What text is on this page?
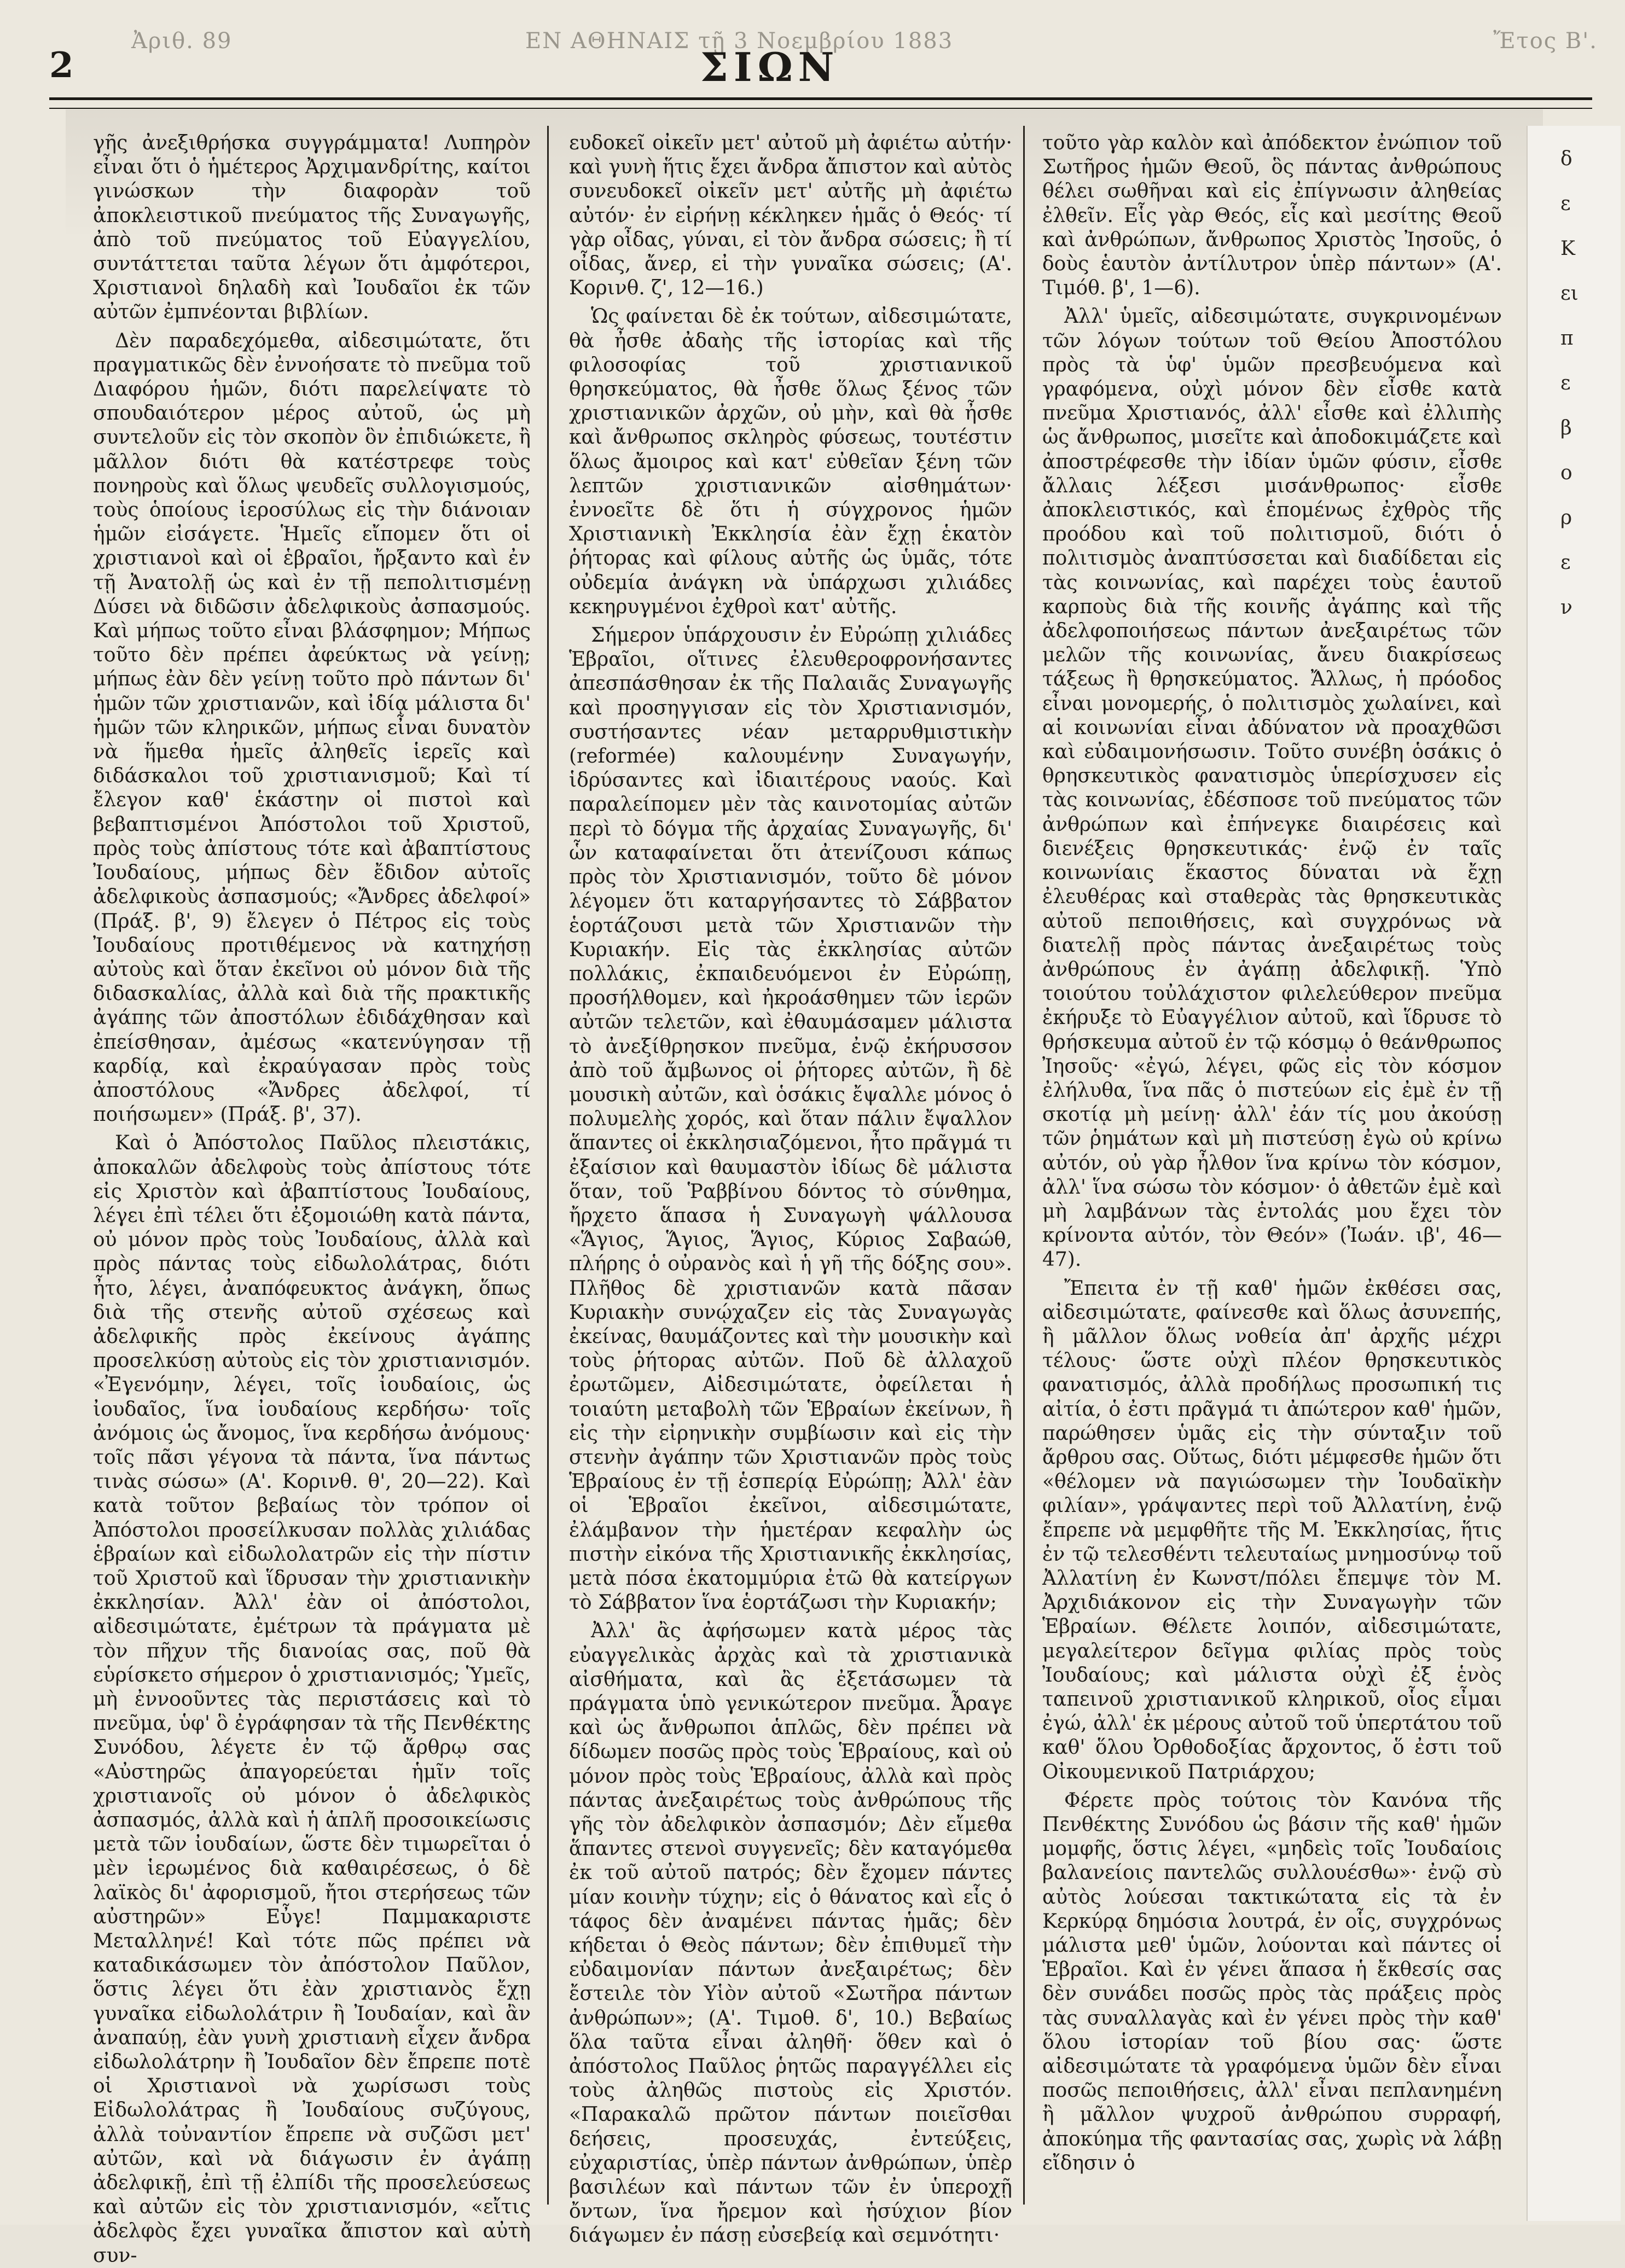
Ἀριθ. 89	ΕΝ ΑΘΗΝΑΙΣ τῇ 3 Νοεμβρίου 1883	Ἔτος Β'.
2	ΣΙΩΝ

γῆς ἀνεξιθρήσκα συγγράμματα! Λυπηρὸν εἶναι ὅτι ὁ ἡμέτερος Ἀρχιμανδρίτης, καίτοι γινώσκων τὴν διαφορὰν τοῦ ἀποκλειστικοῦ πνεύματος τῆς Συναγωγῆς, ἀπὸ τοῦ πνεύματος τοῦ Εὐαγγελίου, συντάττεται ταῦτα λέγων ὅτι ἀμφότεροι, Χριστιανοὶ δηλαδὴ καὶ Ἰουδαῖοι ἐκ τῶν αὐτῶν ἐμπνέονται βιβλίων.

Δὲν παραδεχόμεθα, αἰδεσιμώτατε, ὅτι πραγματικῶς δὲν ἐννοήσατε τὸ πνεῦμα τοῦ Διαφόρου ἡμῶν, διότι παρελείψατε τὸ σπουδαιότερον μέρος αὐτοῦ, ὡς μὴ συντελοῦν εἰς τὸν σκοπὸν ὃν ἐπιδιώκετε, ἢ μᾶλλον διότι θὰ κατέστρεφε τοὺς πονηροὺς καὶ ὅλως ψευδεῖς συλλογισμούς, τοὺς ὁποίους ἱεροσύλως εἰς τὴν διάνοιαν ἡμῶν εἰσάγετε. Ἡμεῖς εἴπομεν ὅτι οἱ χριστιανοὶ καὶ οἱ ἑβραῖοι, ἤρξαντο καὶ ἐν τῇ Ἀνατολῇ ὡς καὶ ἐν τῇ πεπολιτισμένῃ Δύσει νὰ διδῶσιν ἀδελφικοὺς ἀσπασμούς. Καὶ μήπως τοῦτο εἶναι βλάσφημον; Μήπως τοῦτο δὲν πρέπει ἀφεύκτως νὰ γείνῃ; μήπως ἐὰν δὲν γείνῃ τοῦτο πρὸ πάντων δι' ἡμῶν τῶν χριστιανῶν, καὶ ἰδίᾳ μάλιστα δι' ἡμῶν τῶν κληρικῶν, μήπως εἶναι δυνατὸν νὰ ἥμεθα ἡμεῖς ἀληθεῖς ἱερεῖς καὶ διδάσκαλοι τοῦ χριστιανισμοῦ; Καὶ τί ἔλεγον καθ' ἑκάστην οἱ πιστοὶ καὶ βεβαπτισμένοι Ἀπόστολοι τοῦ Χριστοῦ, πρὸς τοὺς ἀπίστους τότε καὶ ἀβαπτίστους Ἰουδαίους, μήπως δὲν ἔδιδον αὐτοῖς ἀδελφικοὺς ἀσπασμούς; «Ἄνδρες ἀδελφοί» (Πράξ. β', 9) ἔλεγεν ὁ Πέτρος εἰς τοὺς Ἰουδαίους προτιθέμενος νὰ κατηχήσῃ αὐτοὺς καὶ ὅταν ἐκεῖνοι οὐ μόνον διὰ τῆς διδασκαλίας, ἀλλὰ καὶ διὰ τῆς πρακτικῆς ἀγάπης τῶν ἀποστόλων ἐδιδάχθησαν καὶ ἐπείσθησαν, ἀμέσως «κατενύγησαν τῇ καρδίᾳ, καὶ ἐκραύγασαν πρὸς τοὺς ἀποστόλους «Ἄνδρες ἀδελφοί, τί ποιήσωμεν» (Πράξ. β', 37).

Καὶ ὁ Ἀπόστολος Παῦλος πλειστάκις, ἀποκαλῶν ἀδελφοὺς τοὺς ἀπίστους τότε εἰς Χριστὸν καὶ ἀβαπτίστους Ἰουδαίους, λέγει ἐπὶ τέλει ὅτι ἐξομοιώθη κατὰ πάντα, οὐ μόνον πρὸς τοὺς Ἰουδαίους, ἀλλὰ καὶ πρὸς πάντας τοὺς εἰδωλολάτρας, διότι ἦτο, λέγει, ἀναπόφευκτος ἀνάγκη, ὅπως διὰ τῆς στενῆς αὐτοῦ σχέσεως καὶ ἀδελφικῆς πρὸς ἐκείνους ἀγάπης προσελκύσῃ αὐτοὺς εἰς τὸν χριστιανισμόν. «Ἐγενόμην, λέγει, τοῖς ἰουδαίοις, ὡς ἰουδαῖος, ἵνα ἰουδαίους κερδήσω· τοῖς ἀνόμοις ὡς ἄνομος, ἵνα κερδήσω ἀνόμους· τοῖς πᾶσι γέγονα τὰ πάντα, ἵνα πάντως τινὰς σώσω» (Α'. Κορινθ. θ', 20—22). Καὶ κατὰ τοῦτον βεβαίως τὸν τρόπον οἱ Ἀπόστολοι προσείλκυσαν πολλὰς χιλιάδας ἑβραίων καὶ εἰδωλολατρῶν εἰς τὴν πίστιν τοῦ Χριστοῦ καὶ ἵδρυσαν τὴν χριστιανικὴν ἐκκλησίαν. Ἀλλ' ἐὰν οἱ ἀπόστολοι, αἰδεσιμώτατε, ἐμέτρων τὰ πράγματα μὲ τὸν πῆχυν τῆς διανοίας σας, ποῦ θὰ εὑρίσκετο σήμερον ὁ χριστιανισμός; Ὑμεῖς, μὴ ἐννοοῦντες τὰς περιστάσεις καὶ τὸ πνεῦμα, ὑφ' ὃ ἐγράφησαν τὰ τῆς Πενθέκτης Συνόδου, λέγετε ἐν τῷ ἄρθρῳ σας «Αὐστηρῶς ἀπαγορεύεται ἡμῖν τοῖς χριστιανοῖς οὐ μόνον ὁ ἀδελφικὸς ἀσπασμός, ἀλλὰ καὶ ἡ ἁπλῆ προσοικείωσις μετὰ τῶν ἰουδαίων, ὥστε δὲν τιμωρεῖται ὁ μὲν ἱερωμένος διὰ καθαιρέσεως, ὁ δὲ λαϊκὸς δι' ἀφορισμοῦ, ἤτοι στερήσεως τῶν αὐστηρῶν» Εὖγε! Παμμακαριστε Μεταλληνέ! Καὶ τότε πῶς πρέπει νὰ καταδικάσωμεν τὸν ἀπόστολον Παῦλον, ὅστις λέγει ὅτι ἐὰν χριστιανὸς ἔχῃ γυναῖκα εἰδωλολάτριν ἢ Ἰουδαίαν, καὶ ἂν ἀναπαύῃ, ἐὰν γυνὴ χριστιανὴ εἶχεν ἄνδρα εἰδωλολάτρην ἢ Ἰουδαῖον δὲν ἔπρεπε ποτὲ οἱ Χριστιανοὶ νὰ χωρίσωσι τοὺς Εἰδωλολάτρας ἢ Ἰουδαίους συζύγους, ἀλλὰ τοὐναντίον ἔπρεπε νὰ συζῶσι μετ' αὐτῶν, καὶ νὰ διάγωσιν ἐν ἀγάπῃ ἀδελφικῇ, ἐπὶ τῇ ἐλπίδι τῆς προσελεύσεως καὶ αὐτῶν εἰς τὸν χριστιανισμόν, «εἴτις ἀδελφὸς ἔχει γυναῖκα ἄπιστον καὶ αὐτὴ συν-

ευδοκεῖ οἰκεῖν μετ' αὐτοῦ μὴ ἀφιέτω αὐτήν· καὶ γυνὴ ἥτις ἔχει ἄνδρα ἄπιστον καὶ αὐτὸς συνευδοκεῖ οἰκεῖν μετ' αὐτῆς μὴ ἀφιέτω αὐτόν· ἐν εἰρήνῃ κέκληκεν ἡμᾶς ὁ Θεός· τί γὰρ οἶδας, γύναι, εἰ τὸν ἄνδρα σώσεις; ἢ τί οἶδας, ἄνερ, εἰ τὴν γυναῖκα σώσεις; (Α'. Κορινθ. ζ', 12—16.)

Ὡς φαίνεται δὲ ἐκ τούτων, αἰδεσιμώτατε, θὰ ἦσθε ἀδαὴς τῆς ἱστορίας καὶ τῆς φιλοσοφίας τοῦ χριστιανικοῦ θρησκεύματος, θὰ ἦσθε ὅλως ξένος τῶν χριστιανικῶν ἀρχῶν, οὐ μὴν, καὶ θὰ ἦσθε καὶ ἄνθρωπος σκληρὸς φύσεως, τουτέστιν ὅλως ἄμοιρος καὶ κατ' εὐθεῖαν ξένη τῶν λεπτῶν χριστιανικῶν αἰσθημάτων· ἐννοεῖτε δὲ ὅτι ἡ σύγχρονος ἡμῶν Χριστιανικὴ Ἐκκλησία ἐὰν ἔχῃ ἑκατὸν ῥήτορας καὶ φίλους αὐτῆς ὡς ὑμᾶς, τότε οὐδεμία ἀνάγκη νὰ ὑπάρχωσι χιλιάδες κεκηρυγμένοι ἐχθροὶ κατ' αὐτῆς.

Σήμερον ὑπάρχουσιν ἐν Εὐρώπῃ χιλιάδες Ἑβραῖοι, οἵτινες ἐλευθεροφρονήσαντες ἀπεσπάσθησαν ἐκ τῆς Παλαιᾶς Συναγωγῆς καὶ προσηγγισαν εἰς τὸν Χριστιανισμόν, συστήσαντες νέαν μεταρρυθμιστικὴν (reformée) καλουμένην Συναγωγήν, ἱδρύσαντες καὶ ἰδιαιτέρους ναούς. Καὶ παραλείπομεν μὲν τὰς καινοτομίας αὐτῶν περὶ τὸ δόγμα τῆς ἀρχαίας Συναγωγῆς, δι' ὧν καταφαίνεται ὅτι ἀτενίζουσι κάπως πρὸς τὸν Χριστιανισμόν, τοῦτο δὲ μόνον λέγομεν ὅτι καταργήσαντες τὸ Σάββατον ἑορτάζουσι μετὰ τῶν Χριστιανῶν τὴν Κυριακήν. Εἰς τὰς ἐκκλησίας αὐτῶν πολλάκις, ἐκπαιδευόμενοι ἐν Εὐρώπῃ, προσήλθομεν, καὶ ἠκροάσθημεν τῶν ἱερῶν αὐτῶν τελετῶν, καὶ ἐθαυμάσαμεν μάλιστα τὸ ἀνεξίθρησκον πνεῦμα, ἐνῷ ἐκήρυσσον ἀπὸ τοῦ ἄμβωνος οἱ ῥήτορες αὐτῶν, ἢ δὲ μουσικὴ αὐτῶν, καὶ ὁσάκις ἔψαλλε μόνος ὁ πολυμελὴς χορός, καὶ ὅταν πάλιν ἔψαλλον ἅπαντες οἱ ἐκκλησιαζόμενοι, ἦτο πρᾶγμά τι ἐξαίσιον καὶ θαυμαστὸν ἰδίως δὲ μάλιστα ὅταν, τοῦ Ῥαββίνου δόντος τὸ σύνθημα, ἤρχετο ἅπασα ἡ Συναγωγὴ ψάλλουσα «Ἅγιος, Ἅγιος, Ἅγιος, Κύριος Σαβαώθ, πλήρης ὁ οὐρανὸς καὶ ἡ γῆ τῆς δόξης σου». Πλῆθος δὲ χριστιανῶν κατὰ πᾶσαν Κυριακὴν συνῴχαζεν εἰς τὰς Συναγωγὰς ἐκείνας, θαυμάζοντες καὶ τὴν μουσικὴν καὶ τοὺς ῥήτορας αὐτῶν. Ποῦ δὲ ἀλλαχοῦ ἐρωτῶμεν, Αἰδεσιμώτατε, ὀφείλεται ἡ τοιαύτη μεταβολὴ τῶν Ἑβραίων ἐκείνων, ἢ εἰς τὴν εἰρηνικὴν συμβίωσιν καὶ εἰς τὴν στενὴν ἀγάπην τῶν Χριστιανῶν πρὸς τοὺς Ἑβραίους ἐν τῇ ἑσπερίᾳ Εὐρώπῃ; Ἀλλ' ἐὰν οἱ Ἑβραῖοι ἐκεῖνοι, αἰδεσιμώτατε, ἐλάμβανον τὴν ἡμετέραν κεφαλὴν ὡς πιστὴν εἰκόνα τῆς Χριστιανικῆς ἐκκλησίας, μετὰ πόσα ἑκατομμύρια ἐτῶ θὰ κατείργων τὸ Σάββατον ἵνα ἑορτάζωσι τὴν Κυριακήν;

Ἀλλ' ἂς ἀφήσωμεν κατὰ μέρος τὰς εὐαγγελικὰς ἀρχὰς καὶ τὰ χριστιανικὰ αἰσθήματα, καὶ ἂς ἐξετάσωμεν τὰ πράγματα ὑπὸ γενικώτερον πνεῦμα. Ἆραγε καὶ ὡς ἄνθρωποι ἁπλῶς, δὲν πρέπει νὰ δίδωμεν ποσῶς πρὸς τοὺς Ἑβραίους, καὶ οὐ μόνον πρὸς τοὺς Ἑβραίους, ἀλλὰ καὶ πρὸς πάντας ἀνεξαιρέτως τοὺς ἀνθρώπους τῆς γῆς τὸν ἀδελφικὸν ἀσπασμόν; Δὲν εἴμεθα ἅπαντες στενοὶ συγγενεῖς; δὲν καταγόμεθα ἐκ τοῦ αὐτοῦ πατρός; δὲν ἔχομεν πάντες μίαν κοινὴν τύχην; εἰς ὁ θάνατος καὶ εἷς ὁ τάφος δὲν ἀναμένει πάντας ἡμᾶς; δὲν κήδεται ὁ Θεὸς πάντων; δὲν ἐπιθυμεῖ τὴν εὐδαιμονίαν πάντων ἀνεξαιρέτως; δὲν ἔστειλε τὸν Υἱὸν αὐτοῦ «Σωτῆρα πάντων ἀνθρώπων»; (Α'. Τιμοθ. δ', 10.) Βεβαίως ὅλα ταῦτα εἶναι ἀληθῆ· ὅθεν καὶ ὁ ἀπόστολος Παῦλος ῥητῶς παραγγέλλει εἰς τοὺς ἀληθῶς πιστοὺς εἰς Χριστόν. «Παρακαλῶ πρῶτον πάντων ποιεῖσθαι δεήσεις, προσευχάς, ἐντεύξεις, εὐχαριστίας, ὑπὲρ πάντων ἀνθρώπων, ὑπὲρ βασιλέων καὶ πάντων τῶν ἐν ὑπεροχῇ ὄντων, ἵνα ἤρεμον καὶ ἡσύχιον βίον διάγωμεν ἐν πάσῃ εὐσεβείᾳ καὶ σεμνότητι·

τοῦτο γὰρ καλὸν καὶ ἀπόδεκτον ἐνώπιον τοῦ Σωτῆρος ἡμῶν Θεοῦ, ὃς πάντας ἀνθρώπους θέλει σωθῆναι καὶ εἰς ἐπίγνωσιν ἀληθείας ἐλθεῖν. Εἷς γὰρ Θεός, εἷς καὶ μεσίτης Θεοῦ καὶ ἀνθρώπων, ἄνθρωπος Χριστὸς Ἰησοῦς, ὁ δοὺς ἑαυτὸν ἀντίλυτρον ὑπὲρ πάντων» (Α'. Τιμόθ. β', 1—6).

Ἀλλ' ὑμεῖς, αἰδεσιμώτατε, συγκρινομένων τῶν λόγων τούτων τοῦ Θείου Ἀποστόλου πρὸς τὰ ὑφ' ὑμῶν πρεσβευόμενα καὶ γραφόμενα, οὐχὶ μόνον δὲν εἶσθε κατὰ πνεῦμα Χριστιανός, ἀλλ' εἶσθε καὶ ἐλλιπὴς ὡς ἄνθρωπος, μισεῖτε καὶ ἀποδοκιμάζετε καὶ ἀποστρέφεσθε τὴν ἰδίαν ὑμῶν φύσιν, εἶσθε ἄλλαις λέξεσι μισάνθρωπος· εἶσθε ἀποκλειστικός, καὶ ἑπομένως ἐχθρὸς τῆς προόδου καὶ τοῦ πολιτισμοῦ, διότι ὁ πολιτισμὸς ἀναπτύσσεται καὶ διαδίδεται εἰς τὰς κοινωνίας, καὶ παρέχει τοὺς ἑαυτοῦ καρποὺς διὰ τῆς κοινῆς ἀγάπης καὶ τῆς ἀδελφοποιήσεως πάντων ἀνεξαιρέτως τῶν μελῶν τῆς κοινωνίας, ἄνευ διακρίσεως τάξεως ἢ θρησκεύματος. Ἄλλως, ἡ πρόοδος εἶναι μονομερής, ὁ πολιτισμὸς χωλαίνει, καὶ αἱ κοινωνίαι εἶναι ἀδύνατον νὰ προαχθῶσι καὶ εὐδαιμονήσωσιν. Τοῦτο συνέβη ὁσάκις ὁ θρησκευτικὸς φανατισμὸς ὑπερίσχυσεν εἰς τὰς κοινωνίας, ἐδέσποσε τοῦ πνεύματος τῶν ἀνθρώπων καὶ ἐπήνεγκε διαιρέσεις καὶ διενέξεις θρησκευτικάς· ἐνῷ ἐν ταῖς κοινωνίαις ἕκαστος δύναται νὰ ἔχῃ ἐλευθέρας καὶ σταθερὰς τὰς θρησκευτικὰς αὐτοῦ πεποιθήσεις, καὶ συγχρόνως νὰ διατελῇ πρὸς πάντας ἀνεξαιρέτως τοὺς ἀνθρώπους ἐν ἀγάπῃ ἀδελφικῇ. Ὑπὸ τοιούτου τοὐλάχιστον φιλελεύθερον πνεῦμα ἐκήρυξε τὸ Εὐαγγέλιον αὐτοῦ, καὶ ἵδρυσε τὸ θρήσκευμα αὐτοῦ ἐν τῷ κόσμῳ ὁ θεάνθρωπος Ἰησοῦς· «ἐγώ, λέγει, φῶς εἰς τὸν κόσμον ἐλήλυθα, ἵνα πᾶς ὁ πιστεύων εἰς ἐμὲ ἐν τῇ σκοτίᾳ μὴ μείνῃ· ἀλλ' ἐάν τίς μου ἀκούσῃ τῶν ῥημάτων καὶ μὴ πιστεύσῃ ἐγὼ οὐ κρίνω αὐτόν, οὐ γὰρ ἦλθον ἵνα κρίνω τὸν κόσμον, ἀλλ' ἵνα σώσω τὸν κόσμον· ὁ ἀθετῶν ἐμὲ καὶ μὴ λαμβάνων τὰς ἐντολάς μου ἔχει τὸν κρίνοντα αὐτόν, τὸν Θεόν» (Ἰωάν. ιβ', 46—47).

Ἔπειτα ἐν τῇ καθ' ἡμῶν ἐκθέσει σας, αἰδεσιμώτατε, φαίνεσθε καὶ ὅλως ἀσυνεπής, ἢ μᾶλλον ὅλως νοθεία ἀπ' ἀρχῆς μέχρι τέλους· ὥστε οὐχὶ πλέον θρησκευτικὸς φανατισμός, ἀλλὰ προδήλως προσωπική τις αἰτία, ὁ ἐστι πρᾶγμά τι ἀπώτερον καθ' ἡμῶν, παρώθησεν ὑμᾶς εἰς τὴν σύνταξιν τοῦ ἄρθρου σας. Οὕτως, διότι μέμφεσθε ἡμῶν ὅτι «θέλομεν νὰ παγιώσωμεν τὴν Ἰουδαϊκὴν φιλίαν», γράψαντες περὶ τοῦ Ἀλλατίνη, ἐνῷ ἔπρεπε νὰ μεμφθῆτε τῆς Μ. Ἐκκλησίας, ἥτις ἐν τῷ τελεσθέντι τελευταίως μνημοσύνῳ τοῦ Ἀλλατίνη ἐν Κωνστ/πόλει ἔπεμψε τὸν Μ. Ἀρχιδιάκονον εἰς τὴν Συναγωγὴν τῶν Ἑβραίων. Θέλετε λοιπόν, αἰδεσιμώτατε, μεγαλείτερον δεῖγμα φιλίας πρὸς τοὺς Ἰουδαίους; καὶ μάλιστα οὐχὶ ἐξ ἑνὸς ταπεινοῦ χριστιανικοῦ κληρικοῦ, οἷος εἶμαι ἐγώ, ἀλλ' ἐκ μέρους αὐτοῦ τοῦ ὑπερτάτου τοῦ καθ' ὅλου Ὀρθοδοξίας ἄρχοντος, ὅ ἐστι τοῦ Οἰκουμενικοῦ Πατριάρχου;

Φέρετε πρὸς τούτοις τὸν Κανόνα τῆς Πενθέκτης Συνόδου ὡς βάσιν τῆς καθ' ἡμῶν μομφῆς, ὅστις λέγει, «μηδεὶς τοῖς Ἰουδαίοις βαλανείοις παντελῶς συλλουέσθω»· ἐνῷ σὺ αὐτὸς λούεσαι τακτικώτατα εἰς τὰ ἐν Κερκύρᾳ δημόσια λουτρά, ἐν οἷς, συγχρόνως μάλιστα μεθ' ὑμῶν, λούονται καὶ πάντες οἱ Ἑβραῖοι. Καὶ ἐν γένει ἅπασα ἡ ἔκθεσίς σας δὲν συνάδει ποσῶς πρὸς τὰς πράξεις πρὸς τὰς συναλλαγὰς καὶ ἐν γένει πρὸς τὴν καθ' ὅλου ἱστορίαν τοῦ βίου σας· ὥστε αἰδεσιμώτατε τὰ γραφόμενα ὑμῶν δὲν εἶναι ποσῶς πεποιθήσεις, ἀλλ' εἶναι πεπλανημένη ἢ μᾶλλον ψυχροῦ ἀνθρώπου συρραφή, ἀποκύημα τῆς φαντασίας σας, χωρὶς νὰ λάβῃ εἴδησιν ὁ

δ
ε
Κ
ει
π
ε
β
ο
ρ
ε
ν
